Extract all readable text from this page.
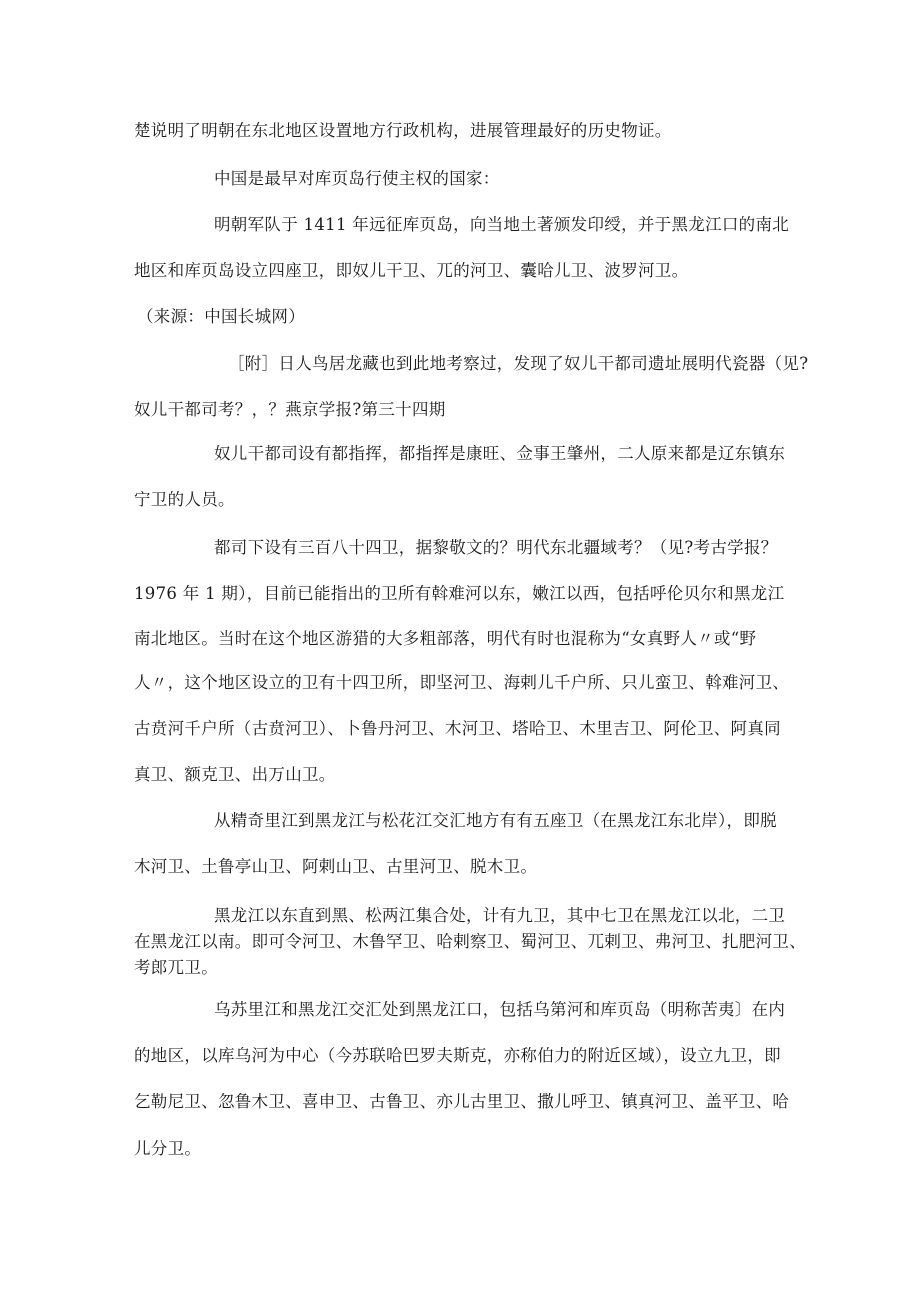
楚说明了明朝在东北地区设置地方行政机构，进展管理最好的历史物证。
中国是最早对库页岛行使主权的国家：
明朝军队于 1411 年远征库页岛，向当地土著颁发印绶，并于黑龙江口的南北
地区和库页岛设立四座卫，即奴儿干卫、兀的河卫、囊哈儿卫、波罗河卫。
（来源：中国长城网）
［附］日人鸟居龙藏也到此地考察过，发现了奴儿干都司遗址展明代瓷器（见?
奴儿干都司考？，？燕京学报?第三十四期
奴儿干都司设有都指挥，都指挥是康旺、佥事王肇州，二人原来都是辽东镇东
宁卫的人员。
都司下设有三百八十四卫，据黎敬文的？明代东北疆域考？（见?考古学报？
1976 年 1 期），目前已能指出的卫所有斡难河以东，嫩江以西，包括呼伦贝尔和黑龙江
南北地区。当时在这个地区游猎的大多粗部落，明代有时也混称为“女真野人〃或“野
人〃，这个地区设立的卫有十四卫所，即坚河卫、海剌儿千户所、只儿蛮卫、斡难河卫、
古贲河千户所（古贲河卫）、卜鲁丹河卫、木河卫、塔哈卫、木里吉卫、阿伦卫、阿真同
真卫、额克卫、出万山卫。
从精奇里江到黑龙江与松花江交汇地方有有五座卫（在黑龙江东北岸），即脱
木河卫、土鲁亭山卫、阿剌山卫、古里河卫、脱木卫。
黑龙江以东直到黑、松两江集合处，计有九卫，其中七卫在黑龙江以北，二卫
在黑龙江以南。即可令河卫、木鲁罕卫、哈剌察卫、蜀河卫、兀剌卫、弗河卫、扎肥河卫、
考郎兀卫。
乌苏里江和黑龙江交汇处到黑龙江口，包括乌第河和库页岛（明称苦夷〕在内
的地区，以库乌河为中心（今苏联哈巴罗夫斯克，亦称伯力的附近区域），设立九卫，即
乞勒尼卫、忽鲁木卫、喜申卫、古鲁卫、亦儿古里卫、撒儿呼卫、镇真河卫、盖平卫、哈
儿分卫。
